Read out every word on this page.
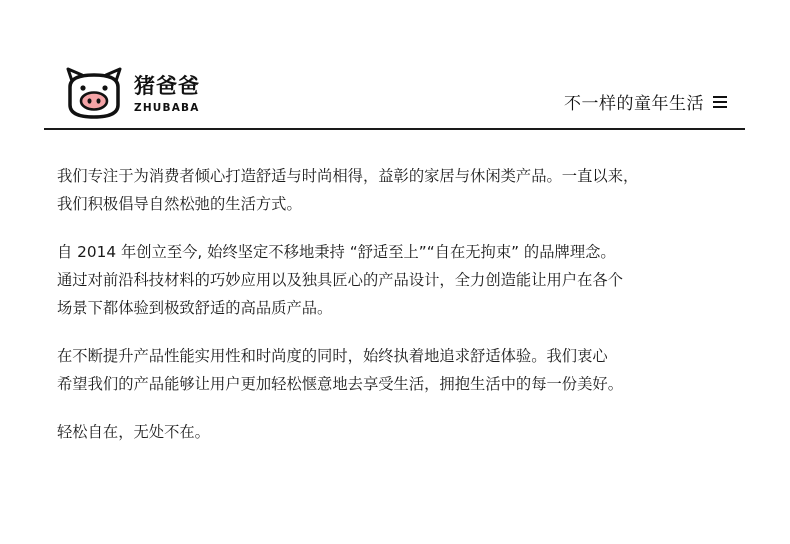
猪爸爸
ZHUBABA	不一样的童年生活

我们专注于为消费者倾心打造舒适与时尚相得，益彰的家居与休闲类产品。一直以来，
我们积极倡导自然松弛的生活方式。

自 2014 年创立至今, 始终坚定不移地秉持 “舒适至上”“自在无拘束” 的品牌理念。
通过对前沿科技材料的巧妙应用以及独具匠心的产品设计，全力创造能让用户在各个
场景下都体验到极致舒适的高品质产品。

在不断提升产品性能实用性和时尚度的同时，始终执着地追求舒适体验。我们衷心
希望我们的产品能够让用户更加轻松惬意地去享受生活，拥抱生活中的每一份美好。

轻松自在，无处不在。
